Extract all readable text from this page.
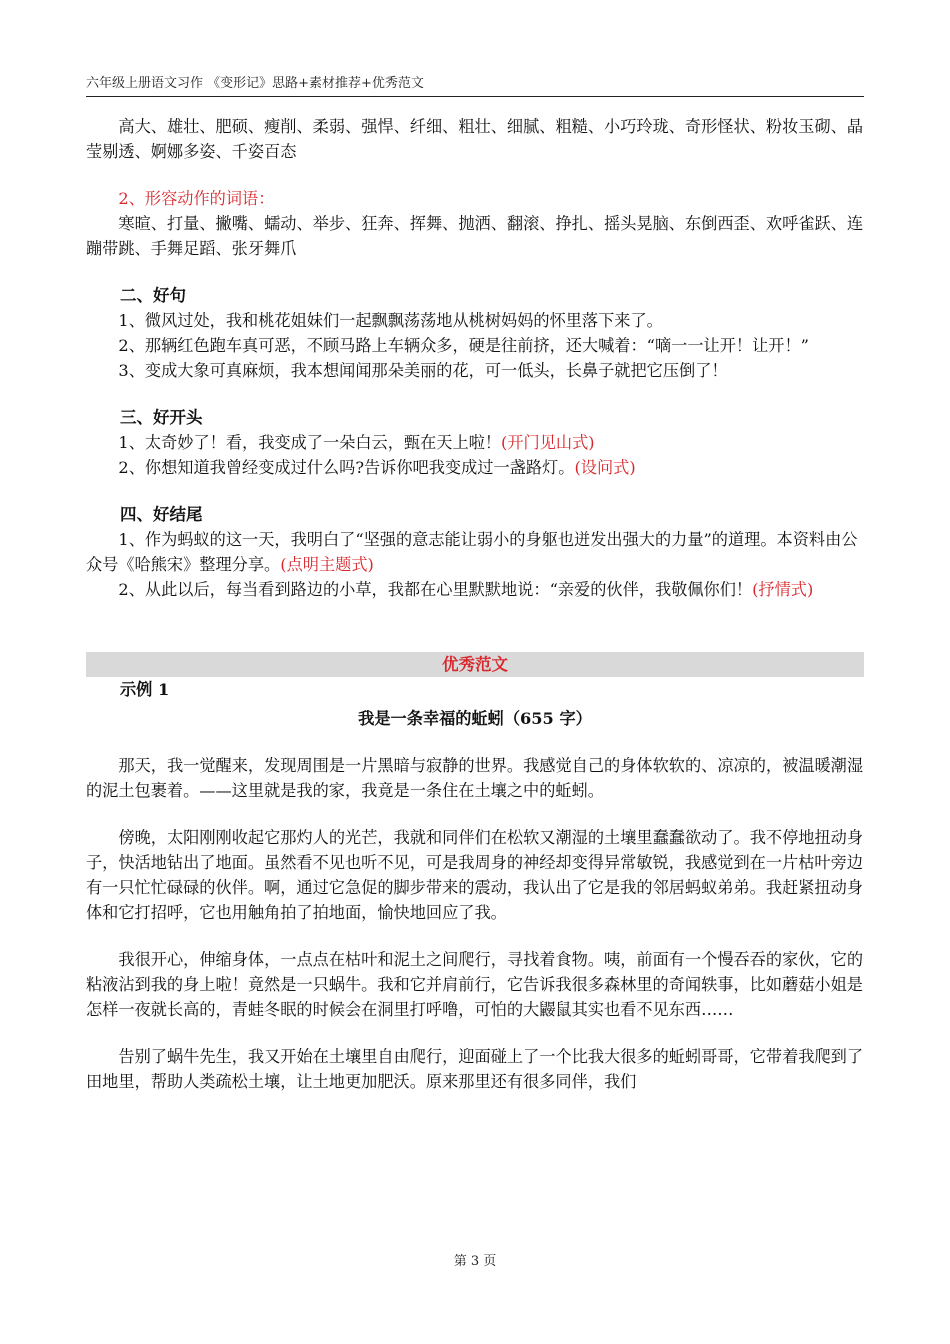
六年级上册语文习作 《变形记》思路+素材推荐+优秀范文

高大、雄壮、肥硕、瘦削、柔弱、强悍、纤细、粗壮、细腻、粗糙、小巧玲珑、奇形怪状、粉妆玉砌、晶莹剔透、婀娜多姿、千姿百态

2、形容动作的词语：

寒暄、打量、撇嘴、蠕动、举步、狂奔、挥舞、抛洒、翻滚、挣扎、摇头晃脑、东倒西歪、欢呼雀跃、连蹦带跳、手舞足蹈、张牙舞爪

二、好句

1、微风过处，我和桃花姐妹们一起飘飘荡荡地从桃树妈妈的怀里落下来了。

2、那辆红色跑车真可恶，不顾马路上车辆众多，硬是往前挤，还大喊着：“嘀一一让开！让开！”

3、变成大象可真麻烦，我本想闻闻那朵美丽的花，可一低头，长鼻子就把它压倒了！

三、好开头

1、太奇妙了！看，我变成了一朵白云，甄在天上啦！(开门见山式)

2、你想知道我曾经变成过什么吗?告诉你吧我变成过一盏路灯。(设问式)

四、好结尾

1、作为蚂蚁的这一天，我明白了“坚强的意志能让弱小的身躯也迸发出强大的力量”的道理。本资料由公众号《哈熊宋》整理分享。(点明主题式)

2、从此以后，每当看到路边的小草，我都在心里默默地说：“亲爱的伙伴，我敬佩你们！(抒情式)

优秀范文

示例 1

我是一条幸福的蚯蚓（655 字）

那天，我一觉醒来，发现周围是一片黑暗与寂静的世界。我感觉自己的身体软软的、凉凉的，被温暖潮湿的泥土包裹着。——这里就是我的家，我竟是一条住在土壤之中的蚯蚓。

傍晚，太阳刚刚收起它那灼人的光芒，我就和同伴们在松软又潮湿的土壤里蠢蠢欲动了。我不停地扭动身子，快活地钻出了地面。虽然看不见也听不见，可是我周身的神经却变得异常敏锐，我感觉到在一片枯叶旁边有一只忙忙碌碌的伙伴。啊，通过它急促的脚步带来的震动，我认出了它是我的邻居蚂蚁弟弟。我赶紧扭动身体和它打招呼，它也用触角拍了拍地面，愉快地回应了我。

我很开心，伸缩身体，一点点在枯叶和泥土之间爬行，寻找着食物。咦，前面有一个慢吞吞的家伙，它的粘液沾到我的身上啦！竟然是一只蜗牛。我和它并肩前行，它告诉我很多森林里的奇闻轶事，比如蘑菇小姐是怎样一夜就长高的，青蛙冬眠的时候会在洞里打呼噜，可怕的大鼹鼠其实也看不见东西……

告别了蜗牛先生，我又开始在土壤里自由爬行，迎面碰上了一个比我大很多的蚯蚓哥哥，它带着我爬到了田地里，帮助人类疏松土壤，让土地更加肥沃。原来那里还有很多同伴，我们

第 3 页
